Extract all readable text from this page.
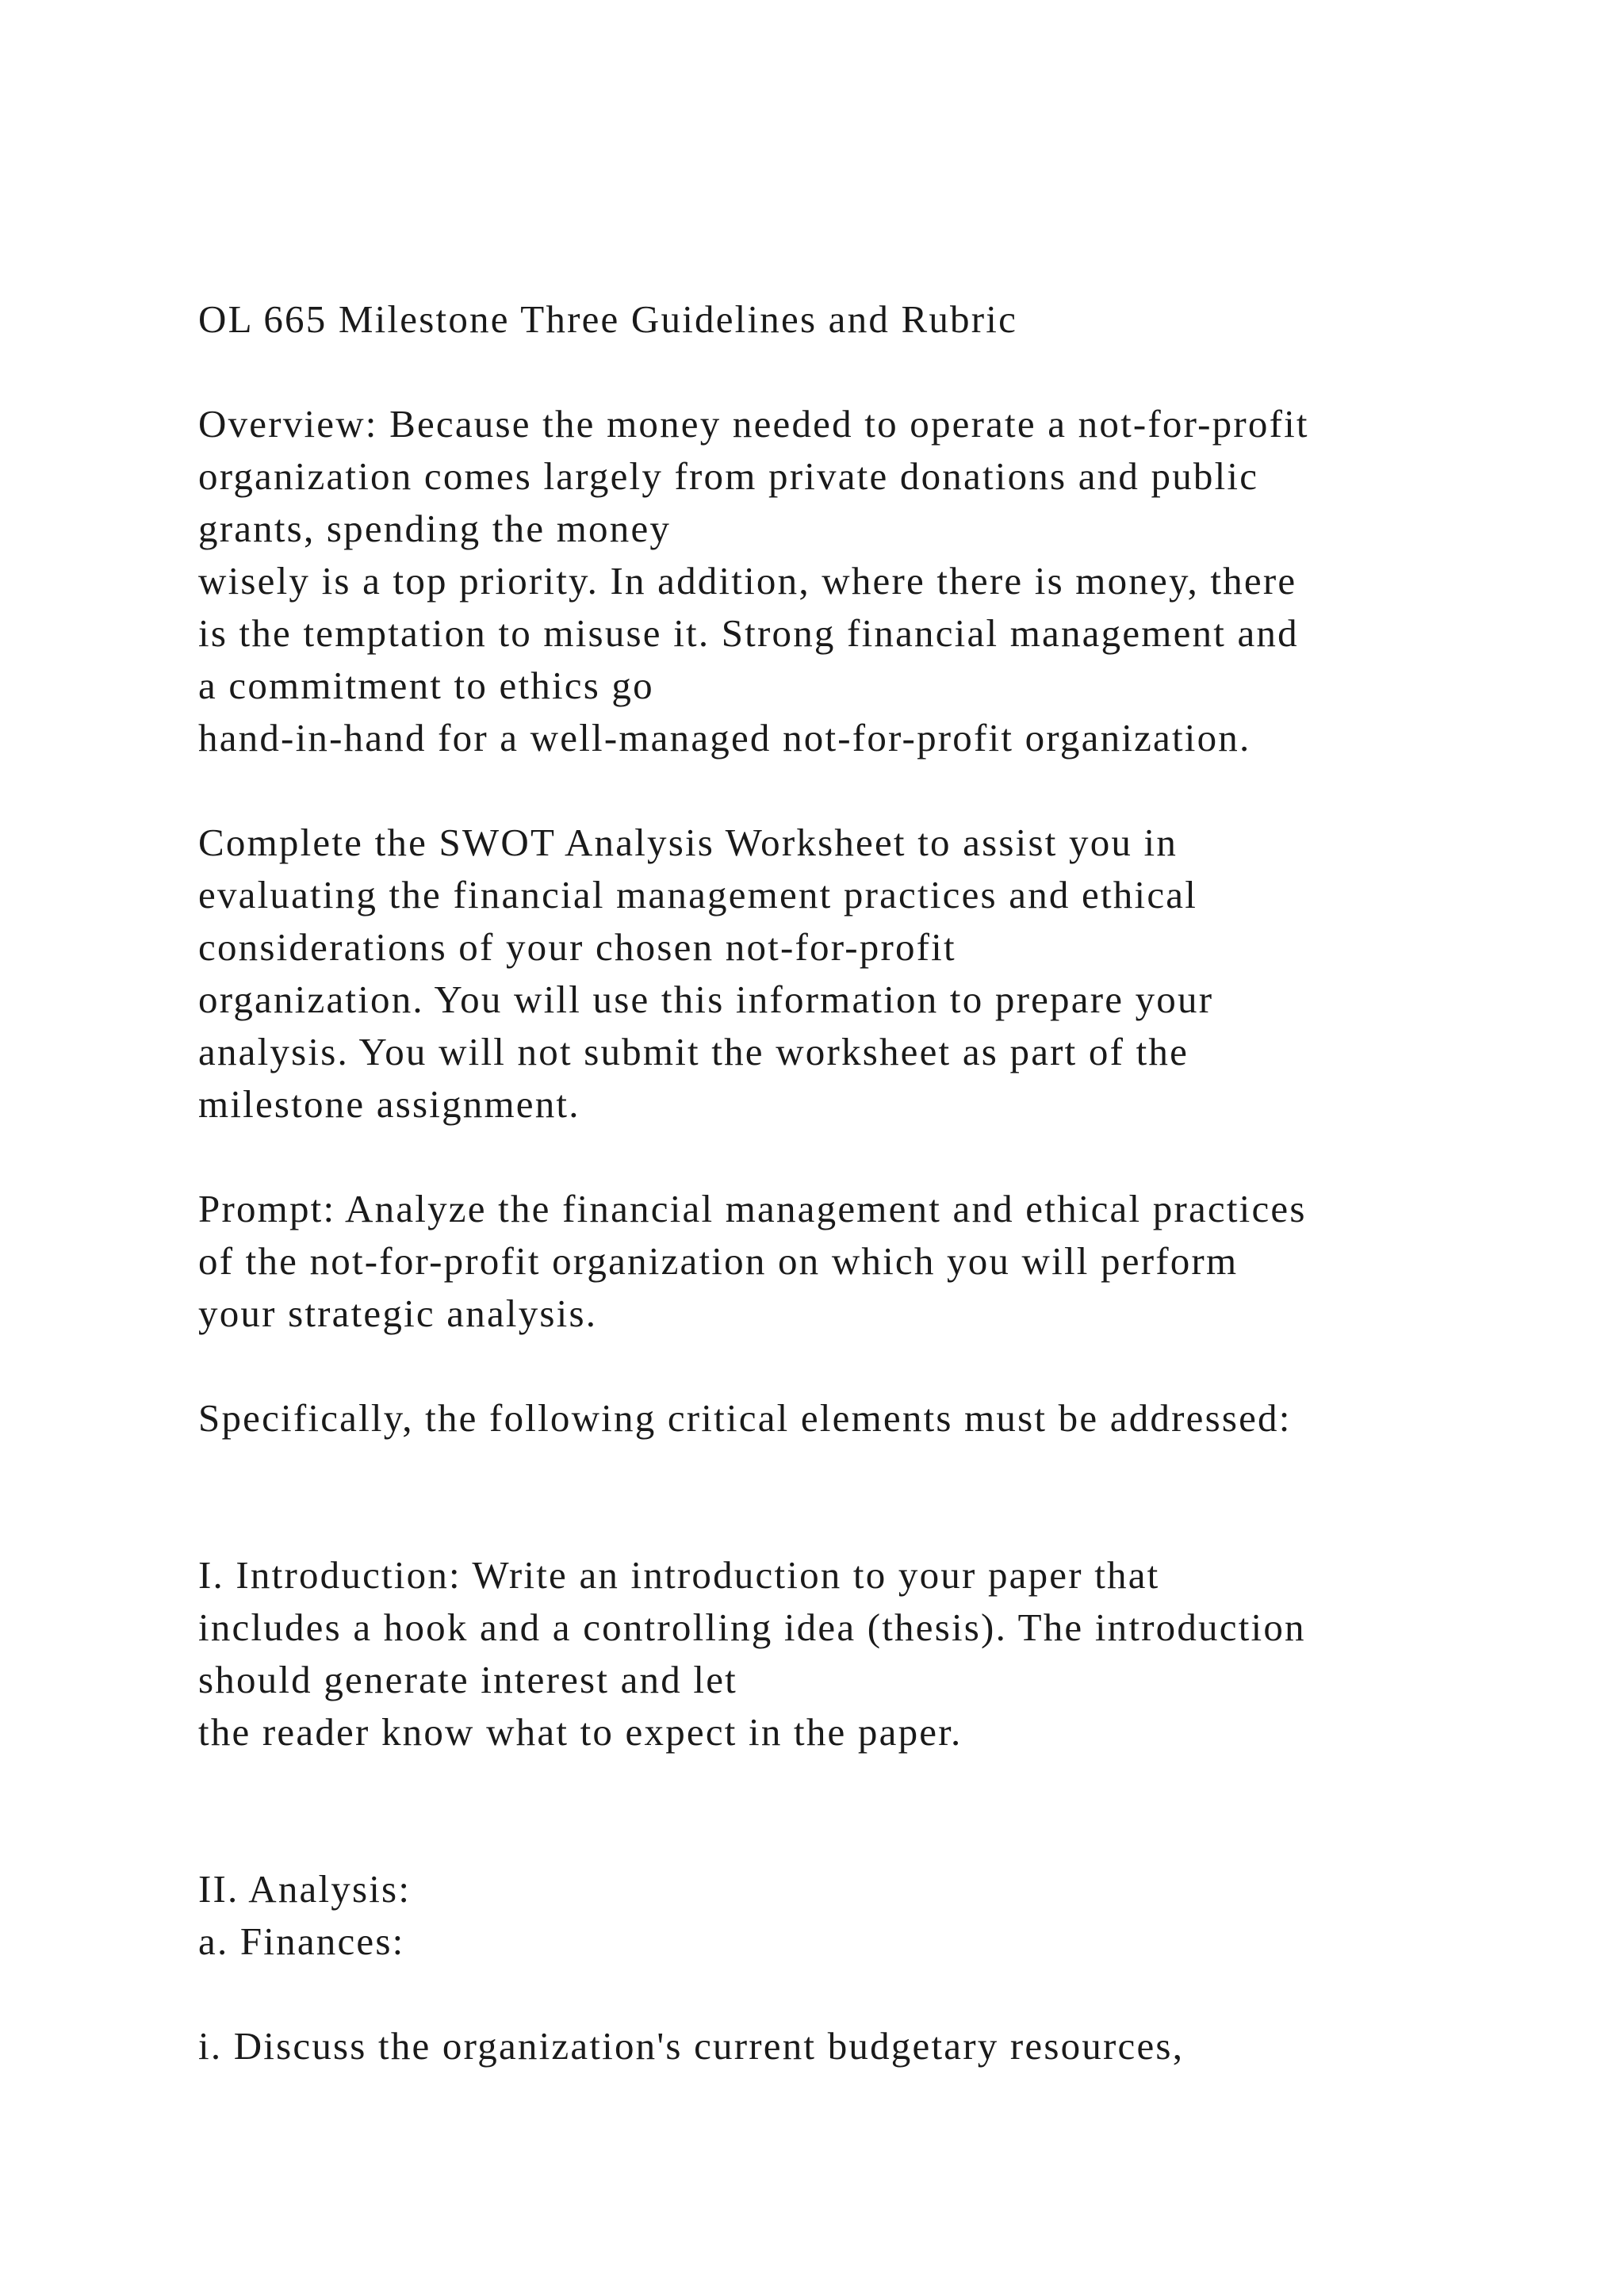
OL 665 Milestone Three Guidelines and Rubric
Overview: Because the money needed to operate a not-for-profit
organization comes largely from private donations and public
grants, spending the money
wisely is a top priority. In addition, where there is money, there
is the temptation to misuse it. Strong financial management and
a commitment to ethics go
hand-in-hand for a well-managed not-for-profit organization.
Complete the SWOT Analysis Worksheet to assist you in
evaluating the financial management practices and ethical
considerations of your chosen not-for-profit
organization. You will use this information to prepare your
analysis. You will not submit the worksheet as part of the
milestone assignment.
Prompt: Analyze the financial management and ethical practices
of the not-for-profit organization on which you will perform
your strategic analysis.
Specifically, the following critical elements must be addressed:
I. Introduction: Write an introduction to your paper that
includes a hook and a controlling idea (thesis). The introduction
should generate interest and let
the reader know what to expect in the paper.
II. Analysis:
a. Finances:
i. Discuss the organization's current budgetary resources,
